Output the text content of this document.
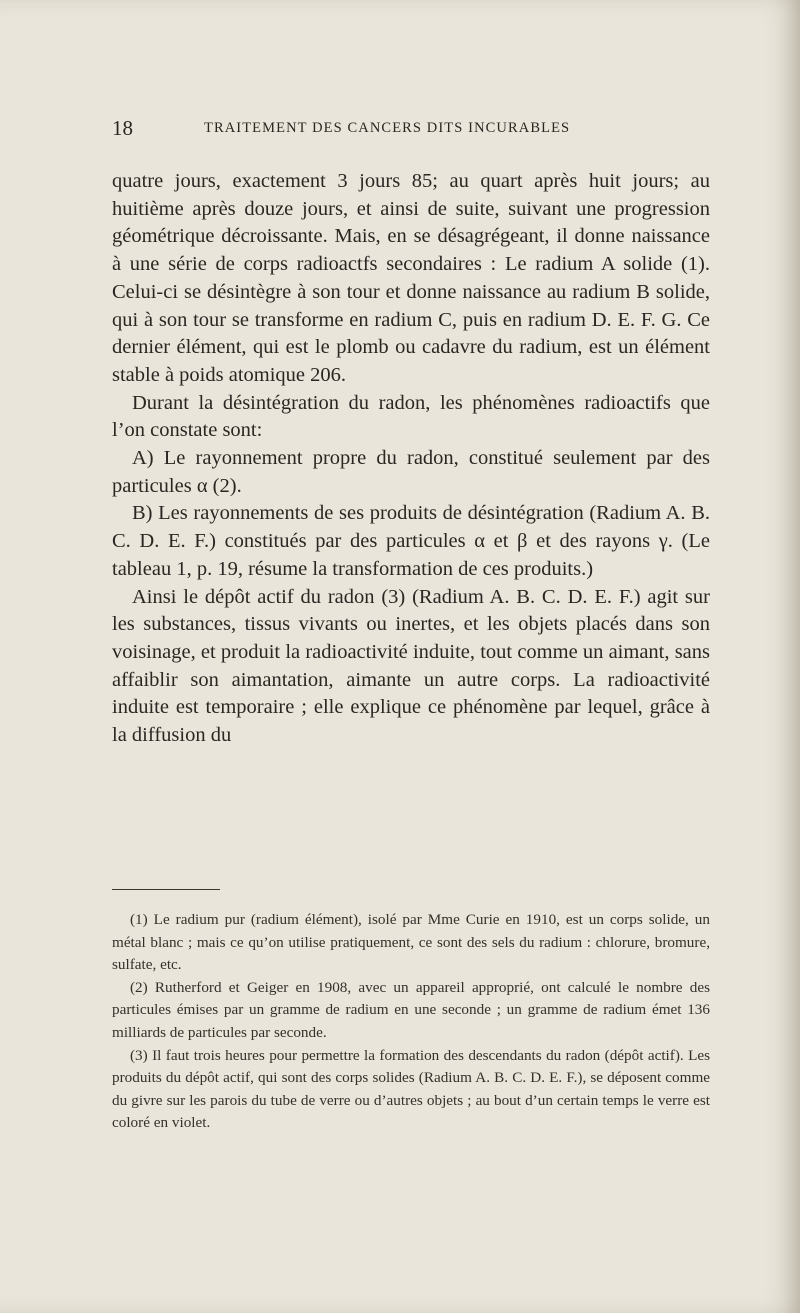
18	TRAITEMENT DES CANCERS DITS INCURABLES

quatre jours, exactement 3 jours 85; au quart après huit jours; au huitième après douze jours, et ainsi de suite, suivant une progression géométrique décroissante. Mais, en se désagrégeant, il donne naissance à une série de corps radioactfs secondaires : Le radium A solide (1). Celui-ci se désintègre à son tour et donne naissance au radium B solide, qui à son tour se transforme en radium C, puis en radium D. E. F. G. Ce dernier élément, qui est le plomb ou cadavre du radium, est un élément stable à poids atomique 206.

Durant la désintégration du radon, les phénomènes radioactifs que l’on constate sont:

A) Le rayonnement propre du radon, constitué seulement par des particules α (2).

B) Les rayonnements de ses produits de désintégration (Radium A. B. C. D. E. F.) constitués par des particules α et β et des rayons γ. (Le tableau 1, p. 19, résume la transformation de ces produits.)

Ainsi le dépôt actif du radon (3) (Radium A. B. C. D. E. F.) agit sur les substances, tissus vivants ou inertes, et les objets placés dans son voisinage, et produit la radioactivité induite, tout comme un aimant, sans affaiblir son aimantation, aimante un autre corps. La radioactivité induite est temporaire ; elle explique ce phénomène par lequel, grâce à la diffusion du

(1) Le radium pur (radium élément), isolé par Mme Curie en 1910, est un corps solide, un métal blanc ; mais ce qu’on utilise pratiquement, ce sont des sels du radium : chlorure, bromure, sulfate, etc.

(2) Rutherford et Geiger en 1908, avec un appareil approprié, ont calculé le nombre des particules émises par un gramme de radium en une seconde ; un gramme de radium émet 136 milliards de particules par seconde.

(3) Il faut trois heures pour permettre la formation des descendants du radon (dépôt actif). Les produits du dépôt actif, qui sont des corps solides (Radium A. B. C. D. E. F.), se déposent comme du givre sur les parois du tube de verre ou d’autres objets ; au bout d’un certain temps le verre est coloré en violet.
